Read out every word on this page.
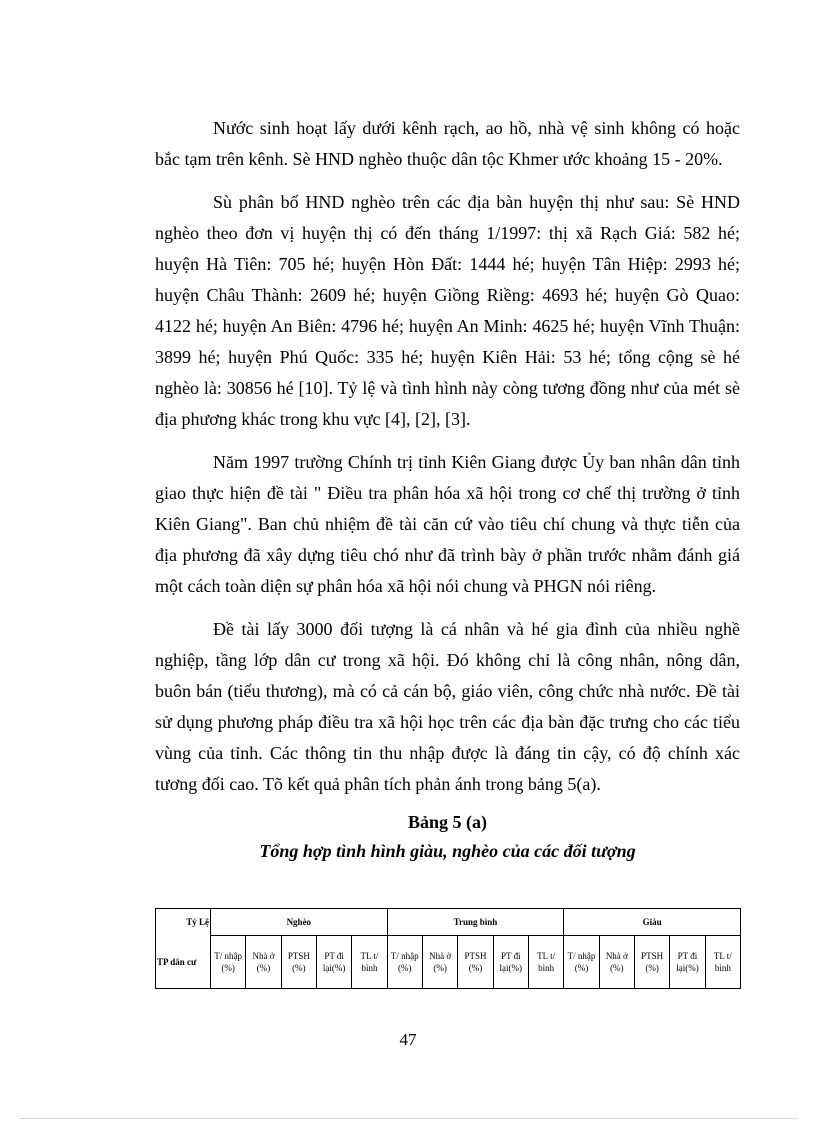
Nước sinh hoạt lấy dưới kênh rạch, ao hồ, nhà vệ sinh không có hoặc bắc tạm trên kênh. Sè HND nghèo thuộc dân tộc Khmer ước khoảng 15 - 20%.

Sù phân bố HND nghèo trên các địa bàn huyện thị như sau: Sè HND nghèo theo đơn vị huyện thị có đến tháng 1/1997: thị xã Rạch Giá: 582 hé; huyện Hà Tiên: 705 hé; huyện Hòn Đất: 1444 hé; huyện Tân Hiệp: 2993 hé; huyện Châu Thành: 2609 hé; huyện Giồng Riềng: 4693 hé; huyện Gò Quao: 4122 hé; huyện An Biên: 4796 hé; huyện An Minh: 4625 hé; huyện Vĩnh Thuận: 3899 hé; huyện Phú Quốc: 335 hé; huyện Kiên Hải: 53 hé; tổng cộng sè hé nghèo là: 30856 hé [10]. Tỷ lệ và tình hình này còng tương đồng như của mét sè địa phương khác trong khu vực [4], [2], [3].

Năm 1997 trường Chính trị tỉnh Kiên Giang được Ủy ban nhân dân tỉnh giao thực hiện đề tài " Điều tra phân hóa xã hội trong cơ chế thị trường ở tỉnh Kiên Giang". Ban chủ nhiệm đề tài căn cứ vào tiêu chí chung và thực tiễn của địa phương đã xây dựng tiêu chó như đã trình bày ở phần trước nhằm đánh giá một cách toàn diện sự phân hóa xã hội nói chung và PHGN nói riêng.

Đề tài lấy 3000 đối tượng là cá nhân và hé gia đình của nhiều nghề nghiệp, tầng lớp dân cư trong xã hội. Đó không chỉ là công nhân, nông dân, buôn bán (tiểu thương), mà có cả cán bộ, giáo viên, công chức nhà nước. Đề tài sử dụng phương pháp điều tra xã hội học trên các địa bàn đặc trưng cho các tiểu vùng của tỉnh. Các thông tin thu nhập được là đáng tin cậy, có độ chính xác tương đối cao. Tõ kết quả phân tích phản ánh trong bảng 5(a).

Bảng 5 (a)
Tổng hợp tình hình giàu, nghèo của các đối tượng
Tỷ Lệ	Nghèo					Trung bình					Giàu				
TP dân cư	T/ nhập (%)	Nhà ở (%)	PTSH (%)	PT đi lại(%)	TL t/ bình	T/ nhập (%)	Nhà ở (%)	PTSH (%)	PT đi lại(%)	TL t/ bình	T/ nhập (%)	Nhà ở (%)	PTSH (%)	PT đi lại(%)	TL t/ bình
47
